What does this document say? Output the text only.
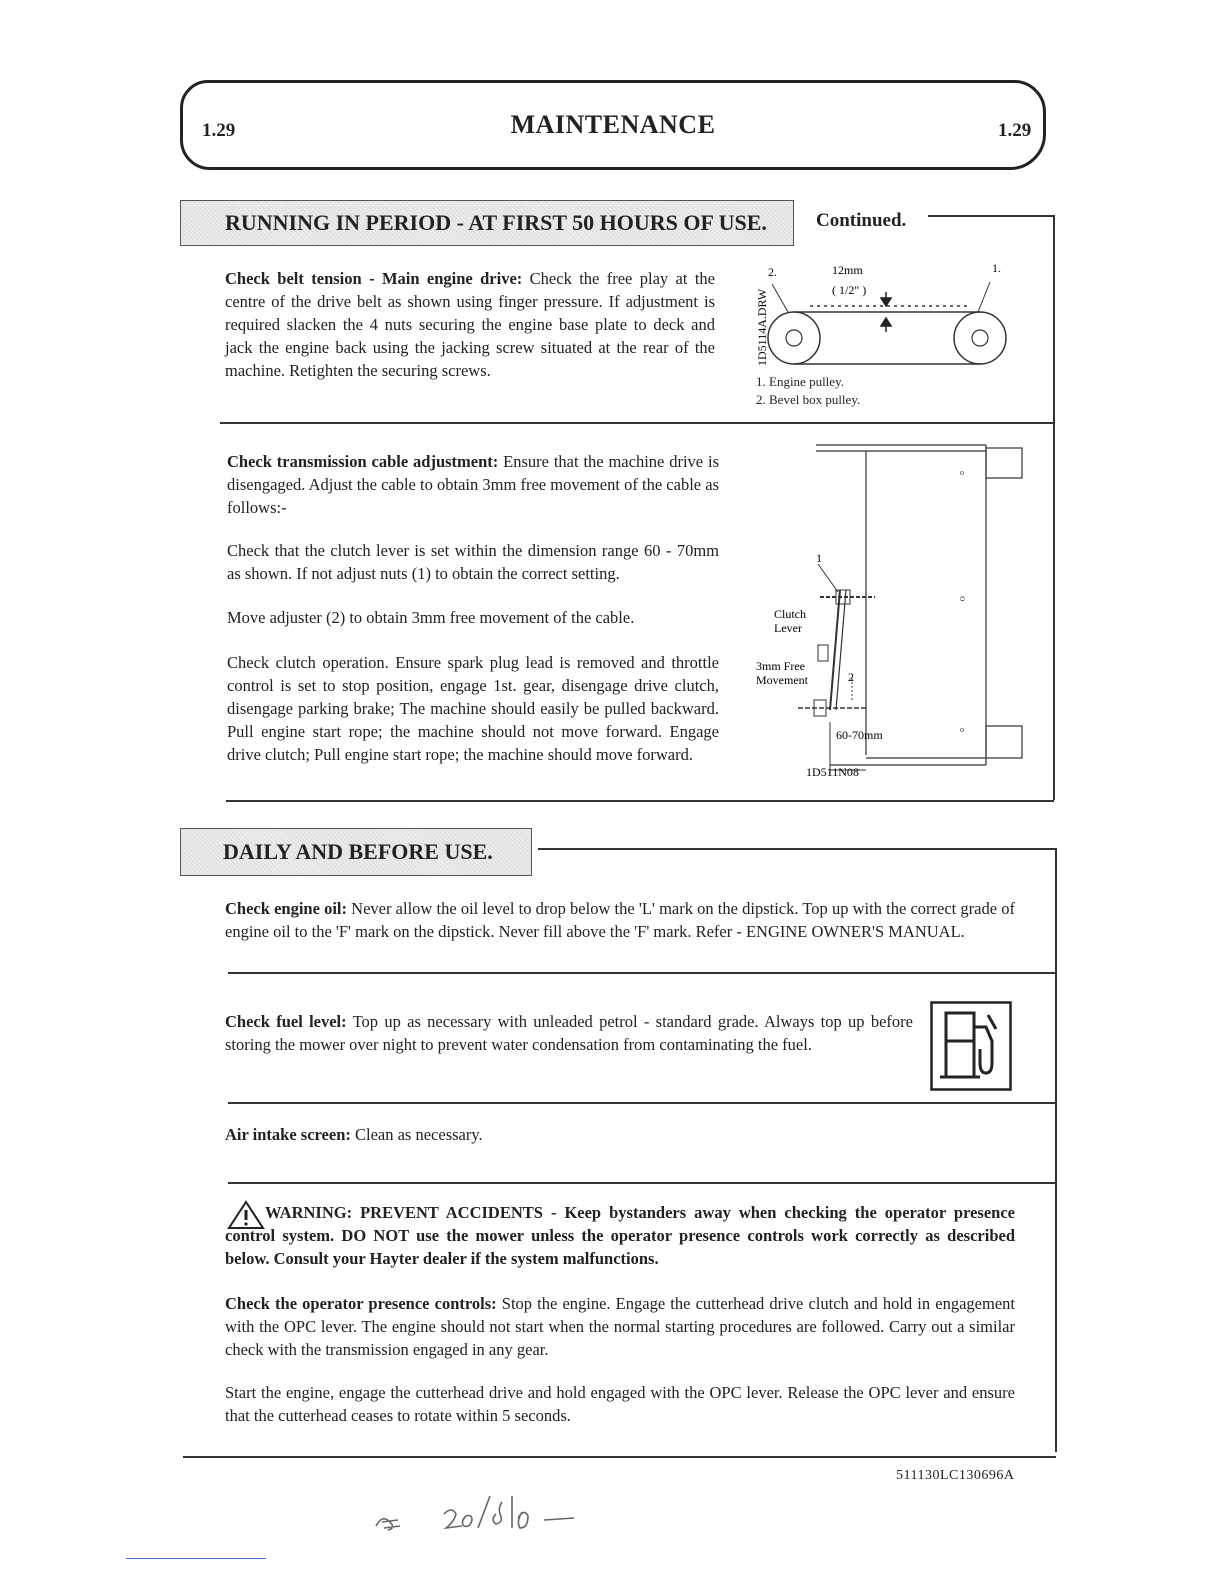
1.29	MAINTENANCE	1.29
RUNNING IN PERIOD - AT FIRST 50 HOURS OF USE.	Continued.
Check belt tension - Main engine drive: Check the free play at the centre of the drive belt as shown using finger pressure. If adjustment is required slacken the 4 nuts securing the engine base plate to deck and jack the engine back using the jacking screw situated at the rear of the machine. Retighten the securing screws.
2.	1.
12mm
( 1/2" )
1D5114A.DRW
1. Engine pulley.
2. Bevel box pulley.
Check transmission cable adjustment: Ensure that the machine drive is disengaged. Adjust the cable to obtain 3mm free movement of the cable as follows:-
Check that the clutch lever is set within the dimension range 60 - 70mm as shown. If not adjust nuts (1) to obtain the correct setting.
Move adjuster (2) to obtain 3mm free movement of the cable.
Check clutch operation. Ensure spark plug lead is removed and throttle control is set to stop position, engage 1st. gear, disengage drive clutch, disengage parking brake; The machine should easily be pulled backward. Pull engine start rope; the machine should not move forward. Engage drive clutch; Pull engine start rope; the machine should move forward.
o
o
ᴑ
1
2
Clutch
Lever
3mm Free
Movement
60-70mm
1D511N08
DAILY AND BEFORE USE.
Check engine oil: Never allow the oil level to drop below the 'L' mark on the dipstick. Top up with the correct grade of engine oil to the 'F' mark on the dipstick. Never fill above the 'F' mark. Refer - ENGINE OWNER'S MANUAL.
Check fuel level: Top up as necessary with unleaded petrol - standard grade. Always top up before storing the mower over night to prevent water condensation from contaminating the fuel.
Air intake screen: Clean as necessary.
WARNING: PREVENT ACCIDENTS - Keep bystanders away when checking the operator presence control system. DO NOT use the mower unless the operator presence controls work correctly as described below. Consult your Hayter dealer if the system malfunctions.
Check the operator presence controls: Stop the engine. Engage the cutterhead drive clutch and hold in engagement with the OPC lever. The engine should not start when the normal starting procedures are followed. Carry out a similar check with the transmission engaged in any gear.
Start the engine, engage the cutterhead drive and hold engaged with the OPC lever. Release the OPC lever and ensure that the cutterhead ceases to rotate within 5 seconds.
511130LC130696A
